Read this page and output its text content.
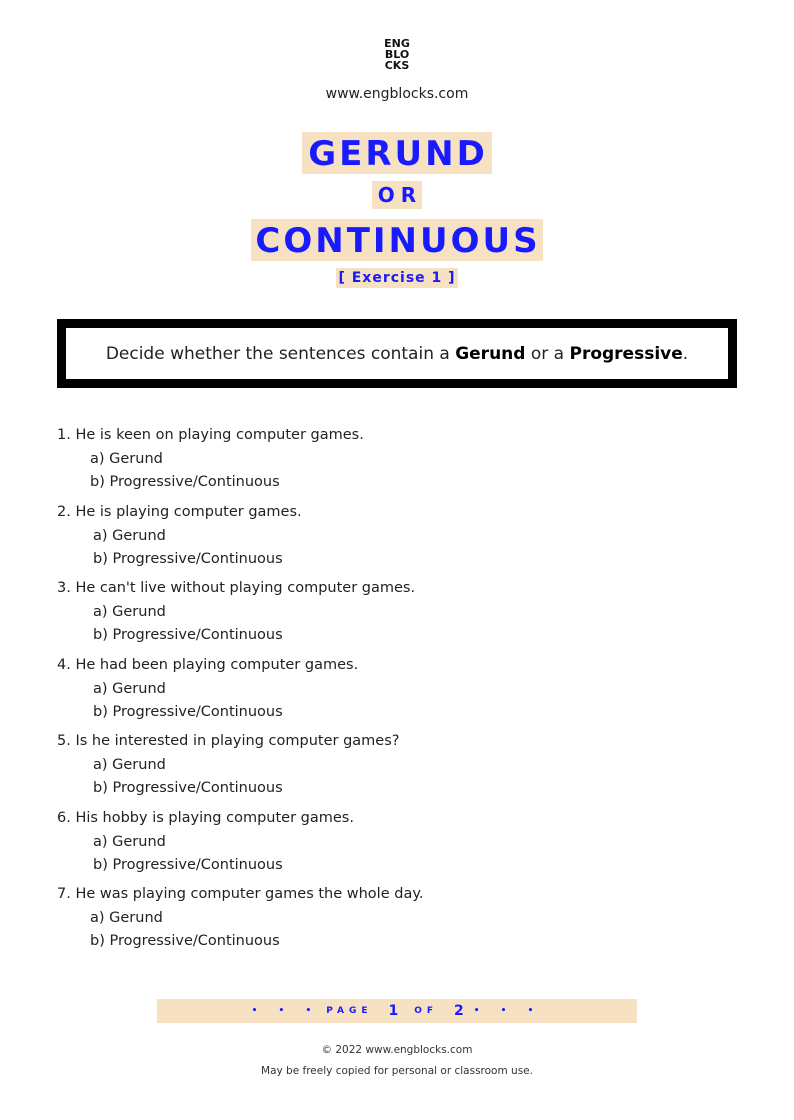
ENG
BLO
CKS
www.engblocks.com
GERUND
OR
CONTINUOUS
[ Exercise 1 ]
Decide whether the sentences contain a Gerund or a Progressive.
1. He is keen on playing computer games.
a) Gerund
b) Progressive/Continuous
2. He is playing computer games.
a) Gerund
b) Progressive/Continuous
3. He can't live without playing computer games.
a) Gerund
b) Progressive/Continuous
4. He had been playing computer games.
a) Gerund
b) Progressive/Continuous
5. Is he interested in playing computer games?
a) Gerund
b) Progressive/Continuous
6. His hobby is playing computer games.
a) Gerund
b) Progressive/Continuous
7. He was playing computer games the whole day.
a) Gerund
b) Progressive/Continuous
• • • PAGE 1 OF 2 • • •
© 2022 www.engblocks.com
May be freely copied for personal or classroom use.
